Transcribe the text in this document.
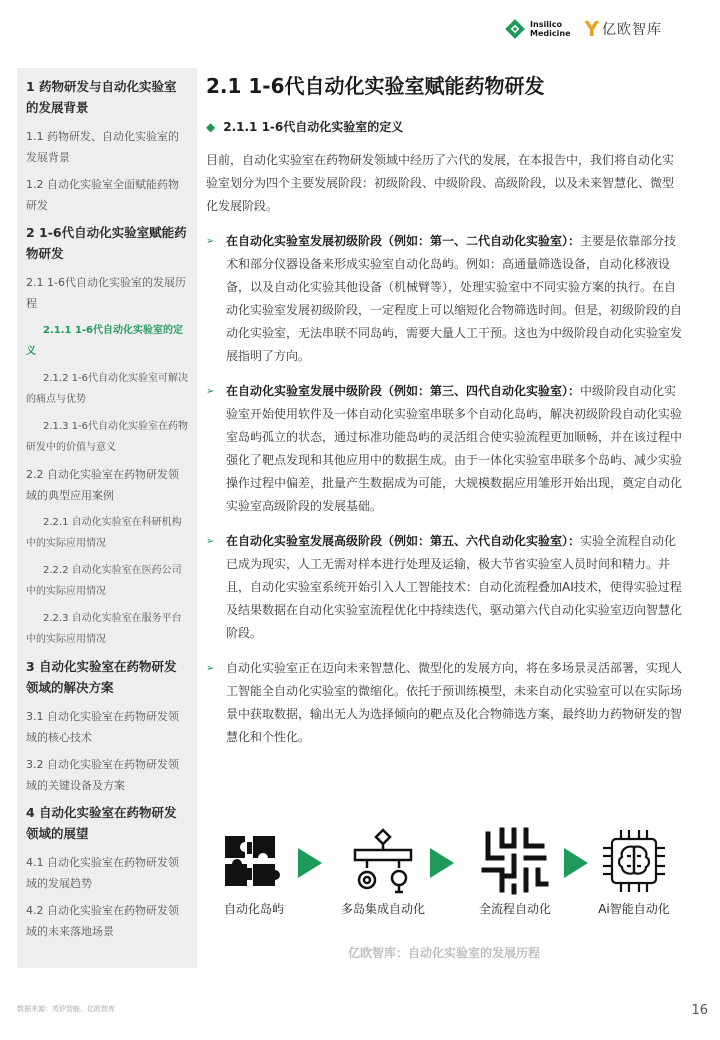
Insilico
Medicine Y 亿欧智库
1 药物研发与自动化实验室的发展背景
1.1 药物研发、自动化实验室的发展背景
1.2 自动化实验室全面赋能药物研发
2 1-6代自动化实验室赋能药物研发
2.1 1-6代自动化实验室的发展历程
2.1.1 1-6代自动化实验室的定义
2.1.2 1-6代自动化实验室可解决的痛点与优势
2.1.3 1-6代自动化实验室在药物研发中的价值与意义
2.2 自动化实验室在药物研发领域的典型应用案例
2.2.1 自动化实验室在科研机构中的实际应用情况
2.2.2 自动化实验室在医药公司中的实际应用情况
2.2.3 自动化实验室在服务平台中的实际应用情况
3 自动化实验室在药物研发领域的解决方案
3.1 自动化实验室在药物研发领域的核心技术
3.2 自动化实验室在药物研发领域的关键设备及方案
4 自动化实验室在药物研发领域的展望
4.1 自动化实验室在药物研发领域的发展趋势
4.2 自动化实验室在药物研发领域的未来落地场景
2.1 1-6代自动化实验室赋能药物研发
◆ 2.1.1 1-6代自动化实验室的定义
目前，自动化实验室在药物研发领域中经历了六代的发展，在本报告中，我们将自动化实验室划分为四个主要发展阶段：初级阶段、中级阶段、高级阶段，以及未来智慧化、微型化发展阶段。
➢ 在自动化实验室发展初级阶段（例如：第一、二代自动化实验室）：主要是依靠部分技术和部分仪器设备来形成实验室自动化岛屿。例如：高通量筛选设备，自动化移液设备，以及自动化实验其他设备（机械臂等），处理实验室中不同实验方案的执行。在自动化实验室发展初级阶段，一定程度上可以缩短化合物筛选时间。但是，初级阶段的自动化实验室，无法串联不同岛屿，需要大量人工干预。这也为中级阶段自动化实验室发展指明了方向。
➢ 在自动化实验室发展中级阶段（例如：第三、四代自动化实验室）：中级阶段自动化实验室开始使用软件及一体自动化实验室串联多个自动化岛屿，解决初级阶段自动化实验室岛屿孤立的状态，通过标准功能岛屿的灵活组合使实验流程更加顺畅，并在该过程中强化了靶点发现和其他应用中的数据生成。由于一体化实验室串联多个岛屿、减少实验操作过程中偏差，批量产生数据成为可能，大规模数据应用雏形开始出现，奠定自动化实验室高级阶段的发展基础。
➢ 在自动化实验室发展高级阶段（例如：第五、六代自动化实验室）：实验全流程自动化已成为现实，人工无需对样本进行处理及运输，极大节省实验室人员时间和精力。并且，自动化实验室系统开始引入人工智能技术：自动化流程叠加AI技术，使得实验过程及结果数据在自动化实验室流程优化中持续迭代，驱动第六代自动化实验室迈向智慧化阶段。
➢ 自动化实验室正在迈向未来智慧化、微型化的发展方向，将在多场景灵活部署，实现人工智能全自动化实验室的微缩化。依托于预训练模型，未来自动化实验室可以在实际场景中获取数据，输出无人为选择倾向的靶点及化合物筛选方案，最终助力药物研发的智慧化和个性化。
自动化岛屿	多岛集成自动化	全流程自动化	Ai智能自动化
亿欧智库：自动化实验室的发展历程
数据来源：英矽智能、亿欧智库	16
